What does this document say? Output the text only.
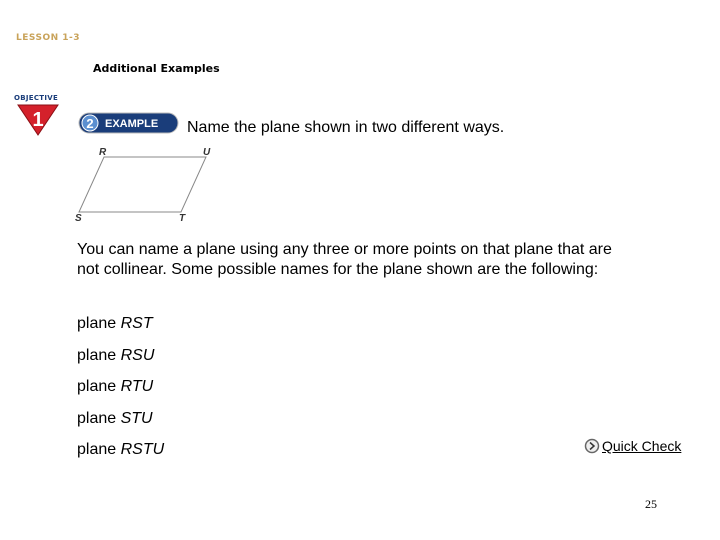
LESSON 1-3
Additional Examples
OBJECTIVE
1	2 EXAMPLE Name the plane shown in two different ways.
R	U
S	T
You can name a plane using any three or more points on that plane that are not collinear. Some possible names for the plane shown are the following:
plane RST
plane RSU
plane RTU
plane STU
plane RSTU	Quick Check
25
